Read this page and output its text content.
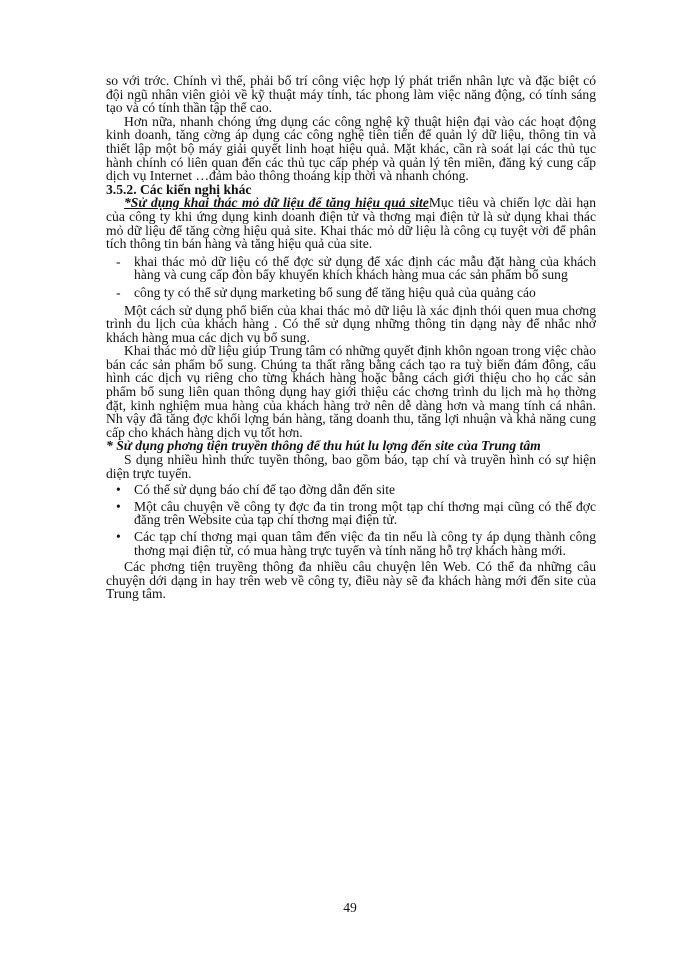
so với trớc. Chính vì thế, phải bố trí công việc hợp lý phát triển nhân lực và đặc biệt có đội ngũ nhân viên giỏi về kỹ thuật máy tính, tác phong làm việc năng động, có tính sáng tạo và có tính thần tập thể cao.

Hơn nữa, nhanh chóng ứng dụng các công nghệ kỹ thuật hiện đại vào các hoạt động kinh doanh, tăng cờng áp dụng các công nghệ tiên tiến để quản lý dữ liệu, thông tin và thiết lập một bộ máy giải quyết linh hoạt hiệu quả. Mặt khác, cần rà soát lại các thủ tục hành chính có liên quan đến các thủ tục cấp phép và quản lý tên miền, đăng ký cung cấp dịch vụ Internet …đảm bảo thông thoáng kịp thời và nhanh chóng.

3.5.2. Các kiến nghị khác

*Sử dụng khai thác mỏ dữ liệu để tăng hiệu quả siteMục tiêu và chiến lợc dài hạn của công ty khi ứng dụng kinh doanh điện tử và thơng mại điện tử là sử dụng khai thác mỏ dữ liệu để tăng cờng hiệu quả site. Khai thác mỏ dữ liệu là công cụ tuyệt vời để phân tích thông tin bán hàng và tăng hiệu quả của site.

- khai thác mỏ dữ liệu có thể đợc sử dụng để xác định các mẫu đặt hàng của khách hàng và cung cấp đòn bẩy khuyến khích khách hàng mua các sản phẩm bổ sung
- công ty có thể sử dụng marketing bổ sung để tăng hiệu quả của quảng cáo

Một cách sử dụng phổ biến của khai thác mỏ dữ liệu là xác định thói quen mua chơng trình du lịch của khách hàng . Có thể sử dụng những thông tin dạng này để nhắc nhở khách hàng mua các dịch vụ bổ sung.

Khai thác mỏ dữ liệu giúp Trung tâm có những quyết định khôn ngoan trong việc chào bán các sản phẩm bổ sung. Chúng ta thất rằng bằng cách tạo ra tuỳ biến đám đông, cấu hình các dịch vụ riêng cho từng khách hàng hoặc bằng cách giới thiệu cho họ các sản phẩm bổ sung liên quan thông dụng hay giới thiệu các chơng trình du lịch mà họ thờng đặt, kinh nghiệm mua hàng của khách hàng trở nên dễ dàng hơn và mang tính cá nhân. Nh vậy đã tăng đợc khối lợng bán hàng, tăng doanh thu, tăng lợi nhuận và khả năng cung cấp cho khách hàng dịch vụ tốt hơn.

* Sử dụng phơng tiện truyền thông để thu hút lu lợng đến site của Trung tâm

S dụng nhiều hình thức tuyền thông, bao gồm báo, tạp chí và truyền hình có sự hiện diện trực tuyến.

• Có thể sử dụng báo chí để tạo đờng dẫn đến site
• Một câu chuyện về công ty đợc đa tin trong một tạp chí thơng mại cũng có thể đợc đăng trên Website của tạp chí thơng mại điện tử.
• Các tạp chí thơng mại quan tâm đến việc đa tin nếu là công ty áp dụng thành công thơng mại điện tử, có mua hàng trực tuyến và tính năng hỗ trợ khách hàng mới.

Các phơng tiện truyềng thông đa nhiều câu chuyện lên Web. Có thể đa những câu chuyện dới dạng in hay trên web về công ty, điều này sẽ đa khách hàng mới đến site của Trung tâm.

49
